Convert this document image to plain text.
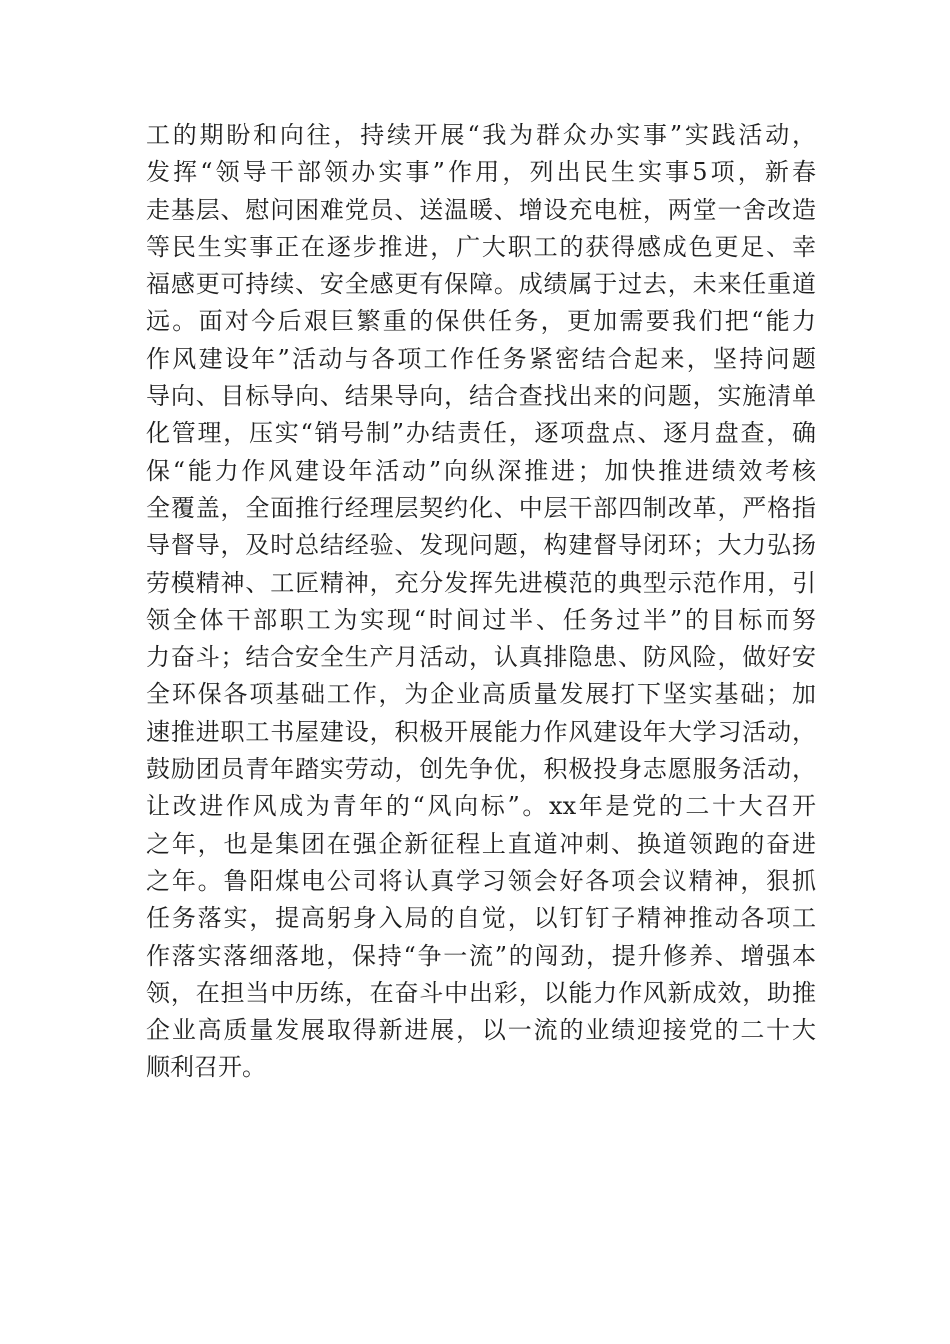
工的期盼和向往，持续开展“我为群众办实事”实践活动，
发挥“领导干部领办实事”作用，列出民生实事5项，新春
走基层、慰问困难党员、送温暖、增设充电桩，两堂一舍改造
等民生实事正在逐步推进，广大职工的获得感成色更足、幸
福感更可持续、安全感更有保障。成绩属于过去，未来任重道
远。面对今后艰巨繁重的保供任务，更加需要我们把“能力
作风建设年”活动与各项工作任务紧密结合起来，坚持问题
导向、目标导向、结果导向，结合查找出来的问题，实施清单
化管理，压实“销号制”办结责任，逐项盘点、逐月盘查，确
保“能力作风建设年活动”向纵深推进；加快推进绩效考核
全覆盖，全面推行经理层契约化、中层干部四制改革，严格指
导督导，及时总结经验、发现问题，构建督导闭环；大力弘扬
劳模精神、工匠精神，充分发挥先进模范的典型示范作用，引
领全体干部职工为实现“时间过半、任务过半”的目标而努
力奋斗；结合安全生产月活动，认真排隐患、防风险，做好安
全环保各项基础工作，为企业高质量发展打下坚实基础；加
速推进职工书屋建设，积极开展能力作风建设年大学习活动，
鼓励团员青年踏实劳动，创先争优，积极投身志愿服务活动，
让改进作风成为青年的“风向标”。xx年是党的二十大召开
之年，也是集团在强企新征程上直道冲刺、换道领跑的奋进
之年。鲁阳煤电公司将认真学习领会好各项会议精神，狠抓
任务落实，提高躬身入局的自觉，以钉钉子精神推动各项工
作落实落细落地，保持“争一流”的闯劲，提升修养、增强本
领，在担当中历练，在奋斗中出彩，以能力作风新成效，助推
企业高质量发展取得新进展，以一流的业绩迎接党的二十大
顺利召开。
